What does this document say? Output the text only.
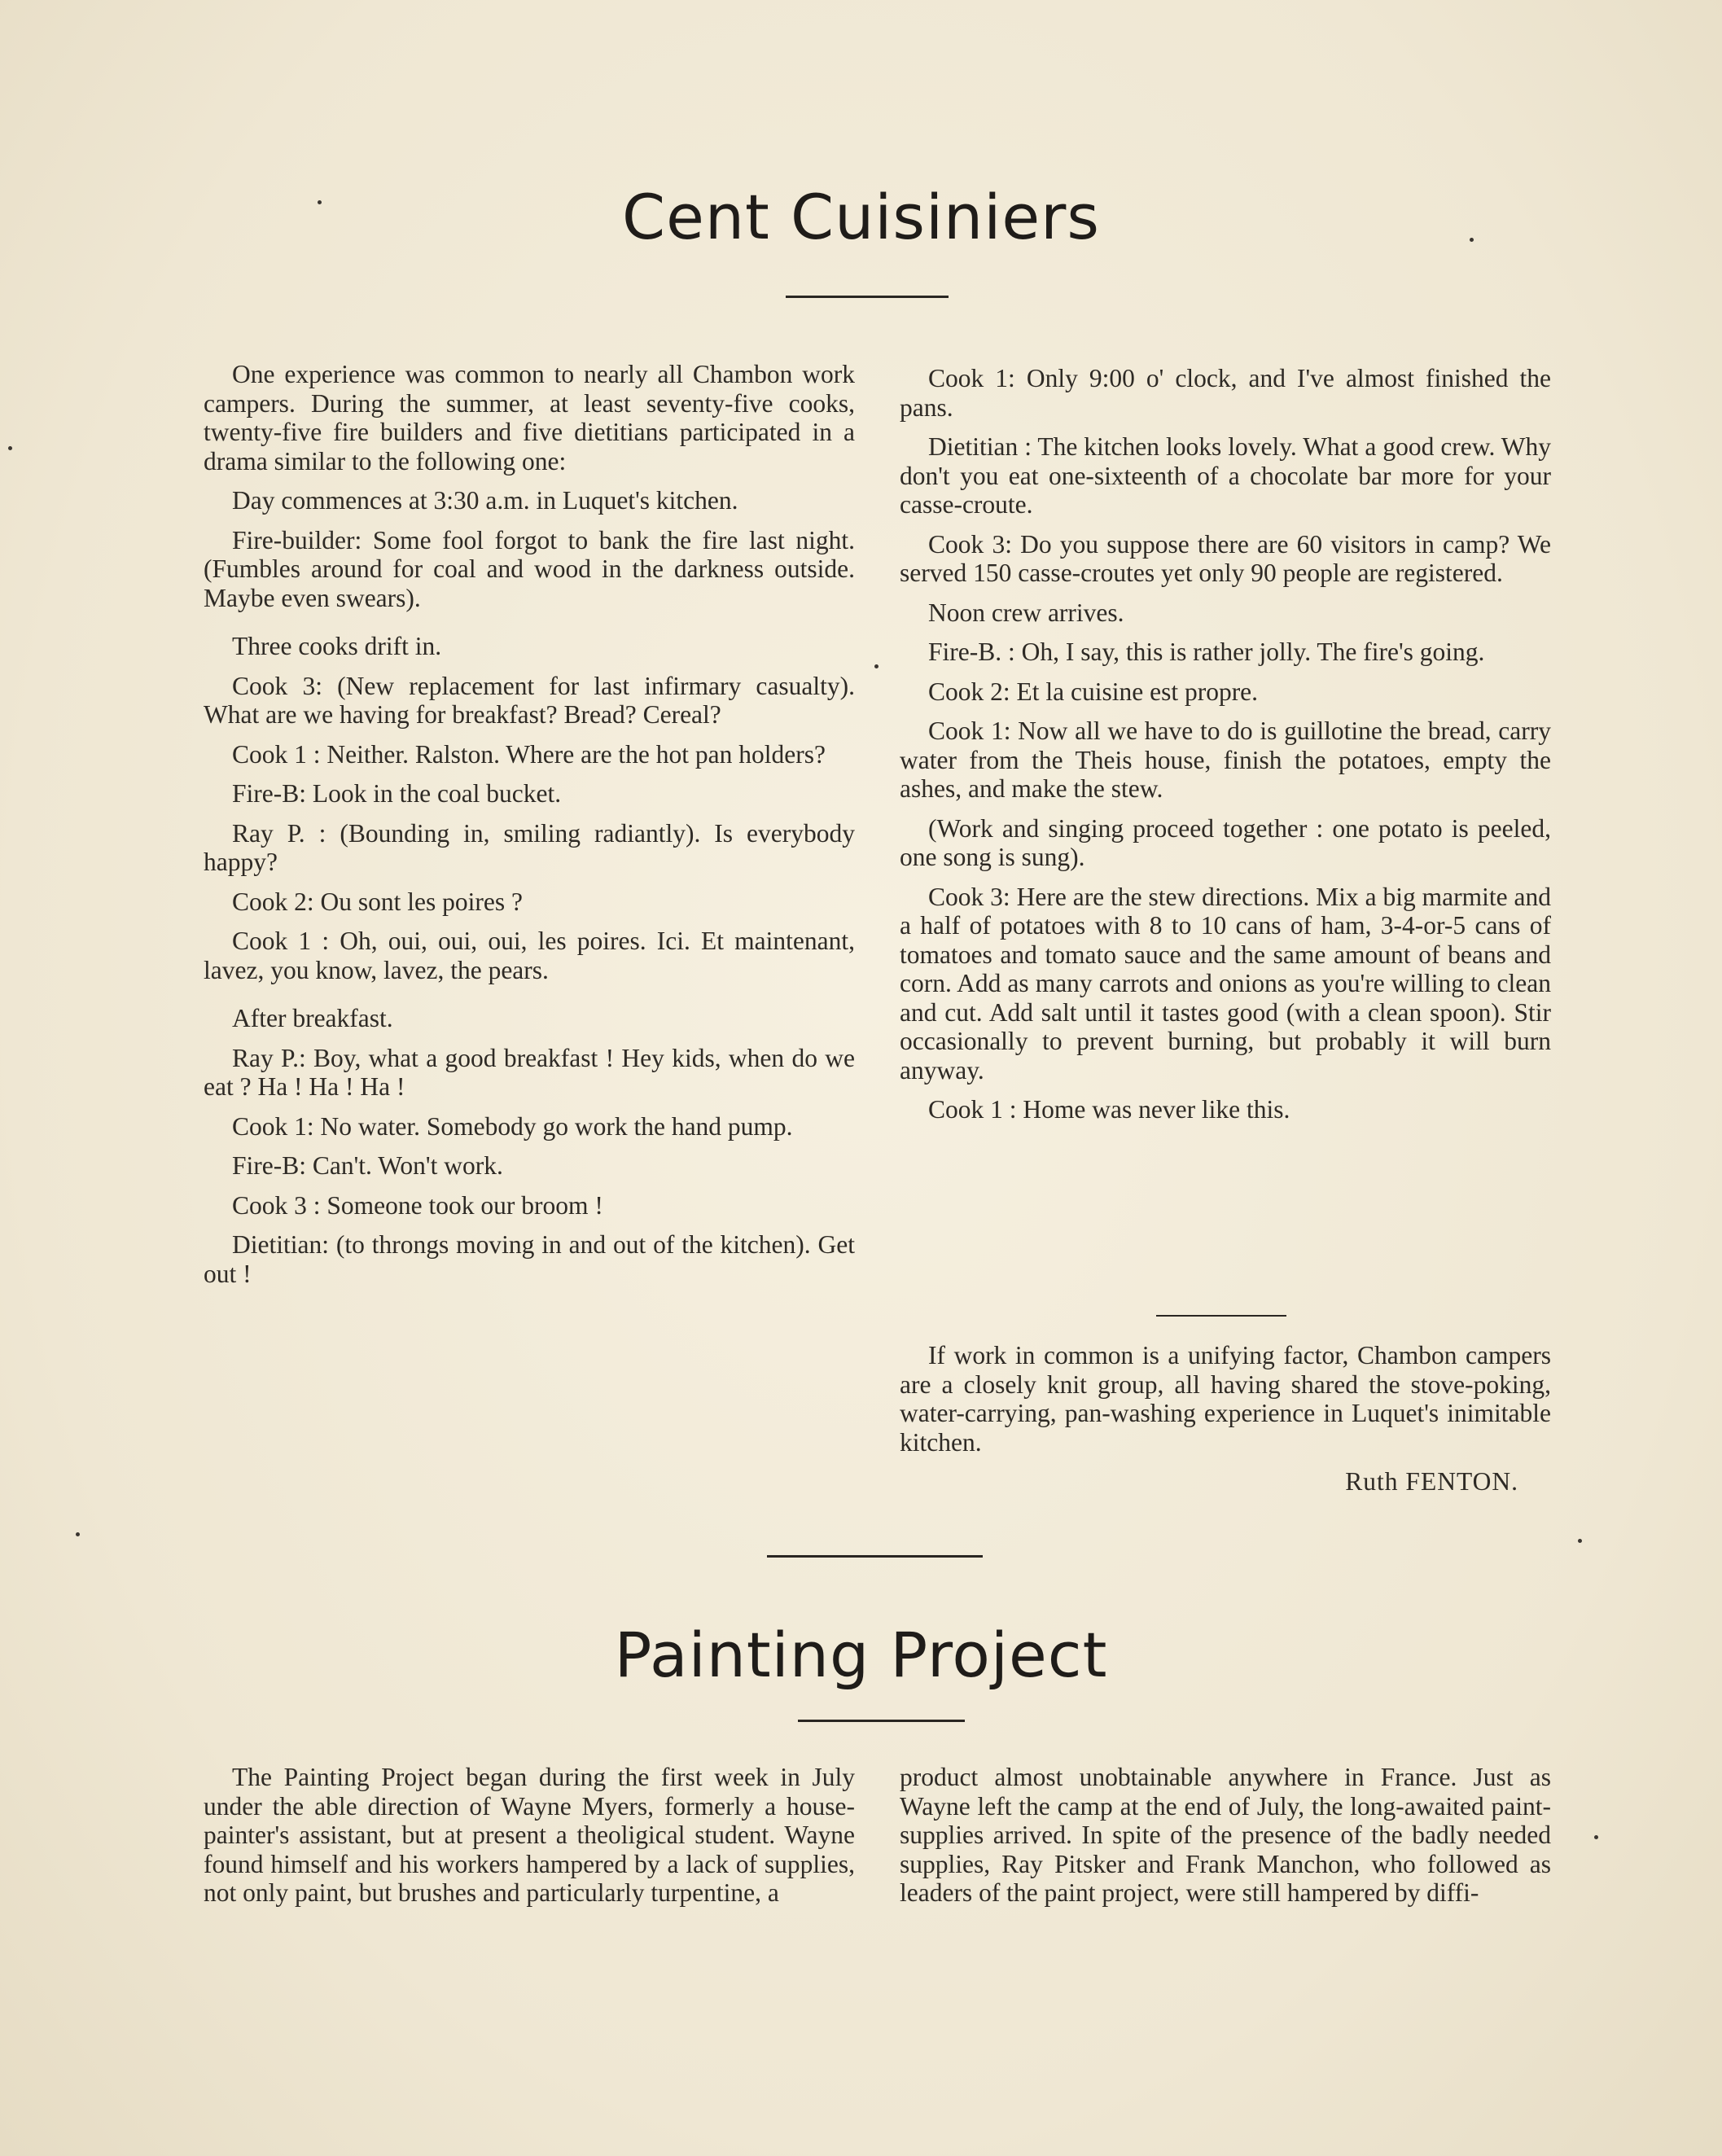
Cent Cuisiniers

One experience was common to nearly all Chambon work campers. During the summer, at least seventy-five cooks, twenty-five fire builders and five dietitians participated in a drama similar to the following one:

Day commences at 3:30 a.m. in Luquet's kitchen.

Fire-builder: Some fool forgot to bank the fire last night. (Fumbles around for coal and wood in the darkness outside. Maybe even swears).

Three cooks drift in.

Cook 3: (New replacement for last infirmary casualty). What are we having for breakfast? Bread? Cereal?

Cook 1 : Neither. Ralston. Where are the hot pan holders?

Fire-B: Look in the coal bucket.

Ray P. : (Bounding in, smiling radiantly). Is everybody happy?

Cook 2: Ou sont les poires ?

Cook 1 : Oh, oui, oui, oui, les poires. Ici. Et maintenant, lavez, you know, lavez, the pears.

After breakfast.

Ray P.: Boy, what a good breakfast ! Hey kids, when do we eat ? Ha ! Ha ! Ha !

Cook 1: No water. Somebody go work the hand pump.

Fire-B: Can't. Won't work.

Cook 3 : Someone took our broom !

Dietitian: (to throngs moving in and out of the kitchen). Get out !

Cook 1: Only 9:00 o' clock, and I've almost finished the pans.

Dietitian : The kitchen looks lovely. What a good crew. Why don't you eat one-sixteenth of a chocolate bar more for your casse-croute.

Cook 3: Do you suppose there are 60 visitors in camp? We served 150 casse-croutes yet only 90 people are registered.

Noon crew arrives.

Fire-B. : Oh, I say, this is rather jolly. The fire's going.

Cook 2: Et la cuisine est propre.

Cook 1: Now all we have to do is guillotine the bread, carry water from the Theis house, finish the potatoes, empty the ashes, and make the stew.

(Work and singing proceed together : one potato is peeled, one song is sung).

Cook 3: Here are the stew directions. Mix a big marmite and a half of potatoes with 8 to 10 cans of ham, 3-4-or-5 cans of tomatoes and tomato sauce and the same amount of beans and corn. Add as many carrots and onions as you're willing to clean and cut. Add salt until it tastes good (with a clean spoon). Stir occasionally to prevent burning, but probably it will burn anyway.

Cook 1 : Home was never like this.

If work in common is a unifying factor, Chambon campers are a closely knit group, all having shared the stove-poking, water-carrying, pan-washing experience in Luquet's inimitable kitchen.

Ruth FENTON.

Painting Project

The Painting Project began during the first week in July under the able direction of Wayne Myers, formerly a house-painter's assistant, but at present a theoligical student. Wayne found himself and his workers hampered by a lack of supplies, not only paint, but brushes and particularly turpentine, a

product almost unobtainable anywhere in France. Just as Wayne left the camp at the end of July, the long-awaited paint-supplies arrived. In spite of the presence of the badly needed supplies, Ray Pitsker and Frank Manchon, who followed as leaders of the paint project, were still hampered by diffi-
